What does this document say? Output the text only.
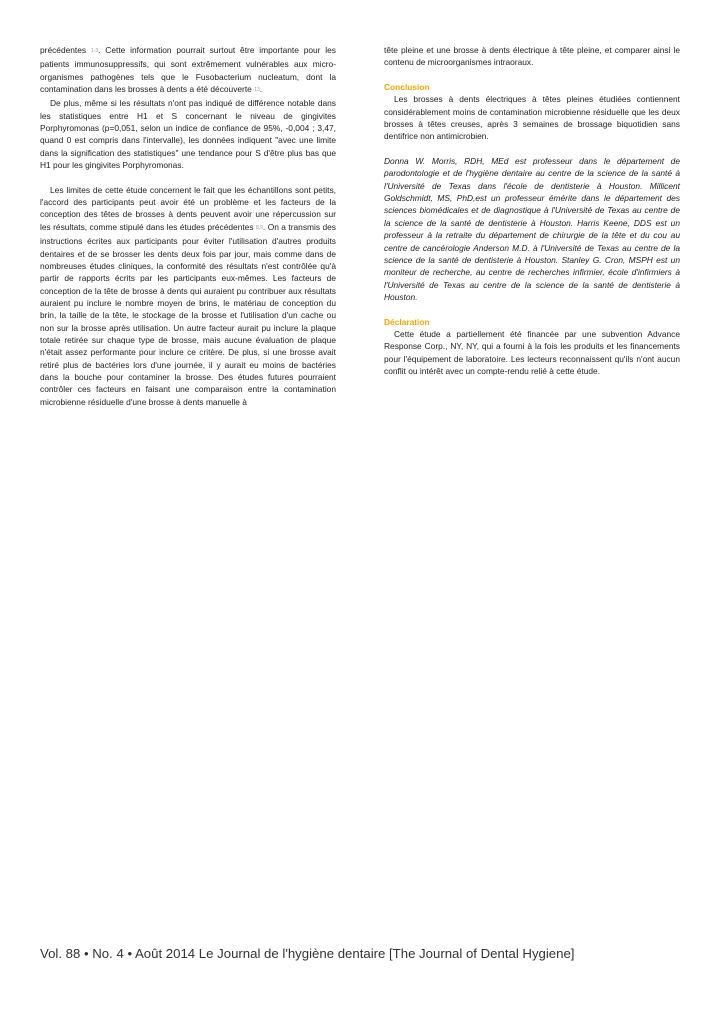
précédentes $^{1-3}$. Cette information pourrait surtout être importante pour les patients immunosuppressifs, qui sont extrêmement vulnérables aux micro-organismes pathogènes tels que le Fusobacterium nucleatum, dont la contamination dans les brosses à dents a été découverte $^{13}$.

De plus, même si les résultats n'ont pas indiqué de différence notable dans les statistiques entre H1 et S concernant le niveau de gingivites Porphyromonas (p=0,051, selon un indice de confiance de 95%, -0,004 ; 3,47, quand 0 est compris dans l'intervalle), les données indiquent "avec une limite dans la signification des statistiques" une tendance pour S d'être plus bas que H1 pour les gingivites Porphyromonas.

Les limites de cette étude concernent le fait que les échantillons sont petits, l'accord des participants peut avoir été un problème et les facteurs de la conception des têtes de brosses à dents peuvent avoir une répercussion sur les résultats, comme stipulé dans les études précédentes $^{8,9}$. On a transmis des instructions écrites aux participants pour éviter l'utilisation d'autres produits dentaires et de se brosser les dents deux fois par jour, mais comme dans de nombreuses études cliniques, la conformité des résultats n'est contrôlée qu'à partir de rapports écrits par les participants eux-mêmes. Les facteurs de conception de la tête de brosse à dents qui auraient pu contribuer aux résultats auraient pu inclure le nombre moyen de brins, le matériau de conception du brin, la taille de la tête, le stockage de la brosse et l'utilisation d'un cache ou non sur la brosse après utilisation. Un autre facteur aurait pu inclure la plaque totale retirée sur chaque type de brosse, mais aucune évaluation de plaque n'était assez performante pour inclure ce critère. De plus, si une brosse avait retiré plus de bactéries lors d'une journée, il y aurait eu moins de bactéries dans la bouche pour contaminer la brosse. Des études futures pourraient contrôler ces facteurs en faisant une comparaison entre la contamination microbienne résiduelle d'une brosse à dents manuelle à

tête pleine et une brosse à dents électrique à tête pleine, et comparer ainsi le contenu de microorganismes intraoraux.

Conclusion

Les brosses à dents électriques à têtes pleines étudiées contiennent considérablement moins de contamination microbienne résiduelle que les deux brosses à têtes creuses, après 3 semaines de brossage biquotidien sans dentifrice non antimicrobien.

Donna W. Morris, RDH, MEd est professeur dans le département de parodontologie et de l'hygiène dentaire au centre de la science de la santé à l'Université de Texas dans l'école de dentisterie à Houston. Millicent Goldschmidt, MS, PhD,est un professeur émérite dans le département des sciences biomédicales et de diagnostique à l'Université de Texas au centre de la science de la santé de dentisterie à Houston. Harris Keene, DDS est un professeur à la retraite du département de chirurgie de la tête et du cou au centre de cancérologie Anderson M.D. à l'Université de Texas au centre de la science de la santé de dentisterie à Houston. Stanley G. Cron, MSPH est un moniteur de recherche, au centre de recherches infirmier, école d'infirmiers à l'Université de Texas au centre de la science de la santé de dentisterie à Houston.

Déclaration

Cette étude a partiellement été financée par une subvention Advance Response Corp., NY, NY, qui a fourni à la fois les produits et les financements pour l'équipement de laboratoire. Les lecteurs reconnaissent qu'ils n'ont aucun conflit ou intérêt avec un compte-rendu relié à cette étude.

Vol. 88 • No. 4 • Août 2014 Le Journal de l'hygiène dentaire [The Journal of Dental Hygiene]
